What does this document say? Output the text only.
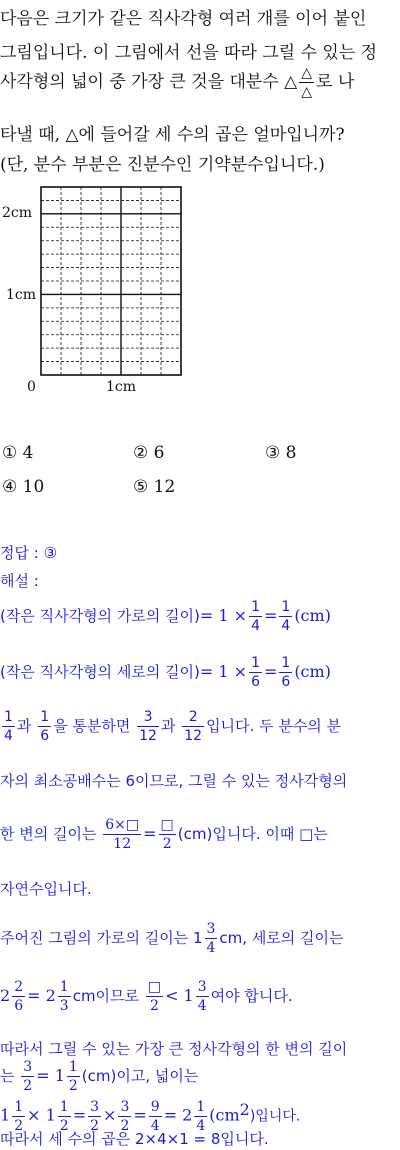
다음은 크기가 같은 직사각형 여러 개를 이어 붙인
그림입니다. 이 그림에서 선을 따라 그릴 수 있는 정
사각형의 넓이 중 가장 큰 것을 대분수 △ $\frac{\triangle}{\triangle}$ 로 나
타낼 때, △에 들어갈 세 수의 곱은 얼마입니까?
(단, 분수 부분은 진분수인 기약분수입니다.)
2cm
1cm
0	1cm
① 4	② 6	③ 8
④ 10	⑤ 12
정답 : ③
해설 :
(작은 직사각형의 가로의 길이)= $1 \times \frac{1}{4} = \frac{1}{4} (cm)$
(작은 직사각형의 세로의 길이)= $1 \times \frac{1}{6} = \frac{1}{6} (cm)$
$\frac{1}{4}$ 과 $\frac{1}{6}$ 을 통분하면 $\frac{3}{12}$ 과 $\frac{2}{12}$ 입니다. 두 분수의 분
자의 최소공배수는 6이므로, 그릴 수 있는 정사각형의
한 변의 길이는 $\frac{6\times□}{12} = \frac{□}{2} (cm)$입니다. 이때 □는
자연수입니다.
주어진 그림의 가로의 길이는 $1 \frac{3}{4}$ cm, 세로의 길이는
$2 \frac{2}{6} = 2 \frac{1}{3}$ cm이므로 $\frac{□}{2} < 1 \frac{3}{4}$ 여야 합니다.
따라서 그릴 수 있는 가장 큰 정사각형의 한 변의 길이
는 $\frac{3}{2} = 1 \frac{1}{2} (cm)$이고, 넓이는
$1 \frac{1}{2} \times 1 \frac{1}{2} = \frac{3}{2} \times \frac{3}{2} = \frac{9}{4} = 2 \frac{1}{4} (cm2)$입니다.
따라서 세 수의 곱은 2×4×1 = 8입니다.
